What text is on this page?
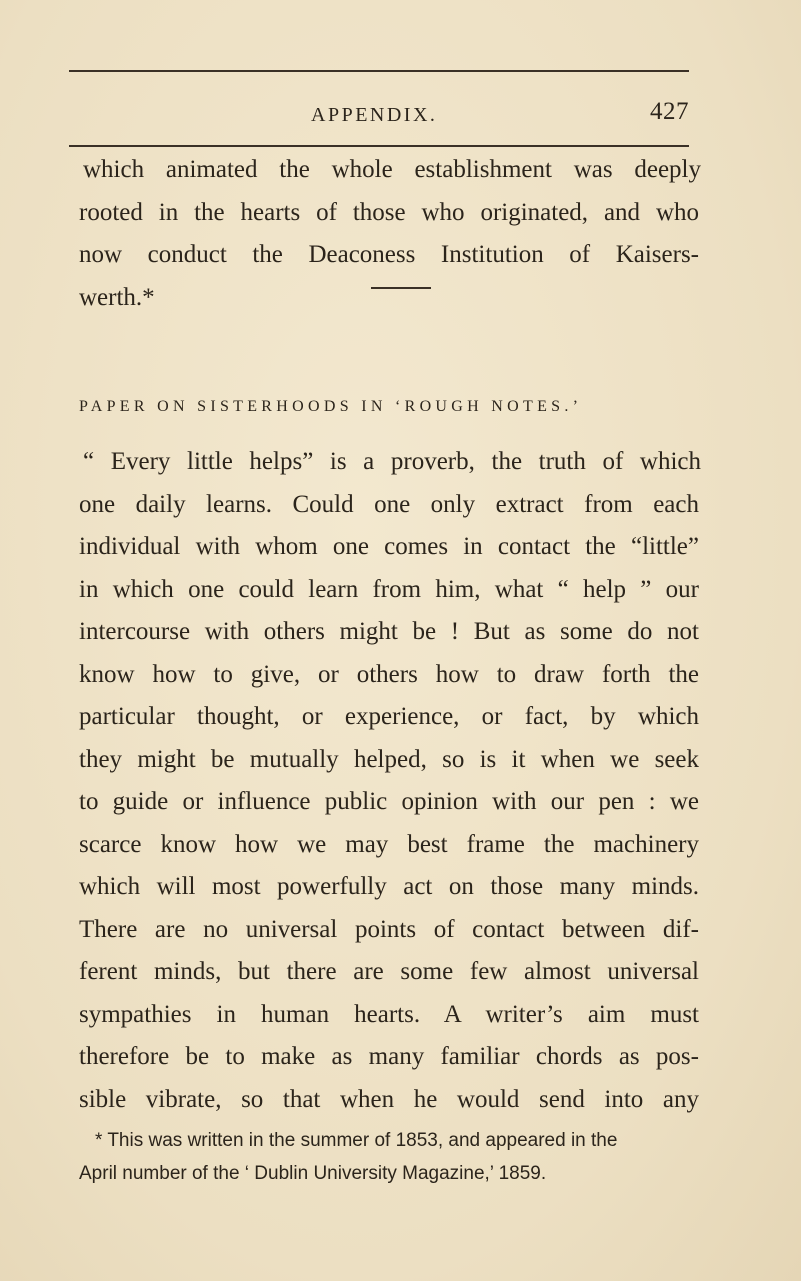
APPENDIX.	427
which animated the whole establishment was deeply
rooted in the hearts of those who originated, and who
now conduct the Deaconess Institution of Kaisers-
werth.*
PAPER ON SISTERHOODS IN ‘ROUGH NOTES.’
“ Every little helps” is a proverb, the truth of which
one daily learns. Could one only extract from each
individual with whom one comes in contact the “little”
in which one could learn from him, what “ help ” our
intercourse with others might be ! But as some do not
know how to give, or others how to draw forth the
particular thought, or experience, or fact, by which
they might be mutually helped, so is it when we seek
to guide or influence public opinion with our pen : we
scarce know how we may best frame the machinery
which will most powerfully act on those many minds.
There are no universal points of contact between dif-
ferent minds, but there are some few almost universal
sympathies in human hearts. A writer’s aim must
therefore be to make as many familiar chords as pos-
sible vibrate, so that when he would send into any
* This was written in the summer of 1853, and appeared in the
April number of the ‘ Dublin University Magazine,’ 1859.
